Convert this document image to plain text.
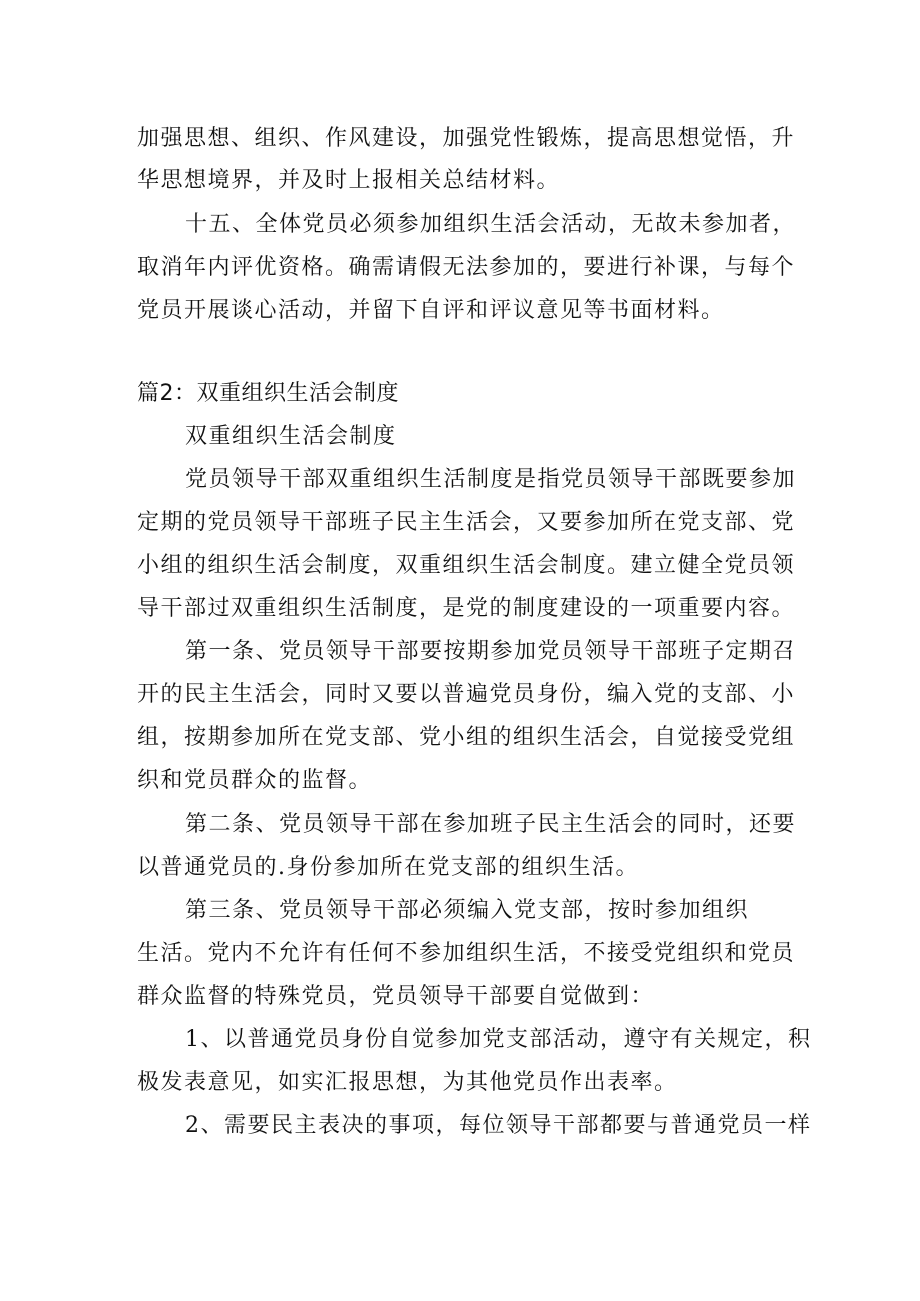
加强思想、组织、作风建设，加强党性锻炼，提高思想觉悟，升
华思想境界，并及时上报相关总结材料。
十五、全体党员必须参加组织生活会活动，无故未参加者，
取消年内评优资格。确需请假无法参加的，要进行补课，与每个
党员开展谈心活动，并留下自评和评议意见等书面材料。
篇2：双重组织生活会制度
双重组织生活会制度
党员领导干部双重组织生活制度是指党员领导干部既要参加
定期的党员领导干部班子民主生活会，又要参加所在党支部、党
小组的组织生活会制度，双重组织生活会制度。建立健全党员领
导干部过双重组织生活制度，是党的制度建设的一项重要内容。
第一条、党员领导干部要按期参加党员领导干部班子定期召
开的民主生活会，同时又要以普遍党员身份，编入党的支部、小
组，按期参加所在党支部、党小组的组织生活会，自觉接受党组
织和党员群众的监督。
第二条、党员领导干部在参加班子民主生活会的同时，还要
以普通党员的.身份参加所在党支部的组织生活。
第三条、党员领导干部必须编入党支部，按时参加组织
生活。党内不允许有任何不参加组织生活，不接受党组织和党员
群众监督的特殊党员，党员领导干部要自觉做到：
1、以普通党员身份自觉参加党支部活动，遵守有关规定，积
极发表意见，如实汇报思想，为其他党员作出表率。
2、需要民主表决的事项，每位领导干部都要与普通党员一样
